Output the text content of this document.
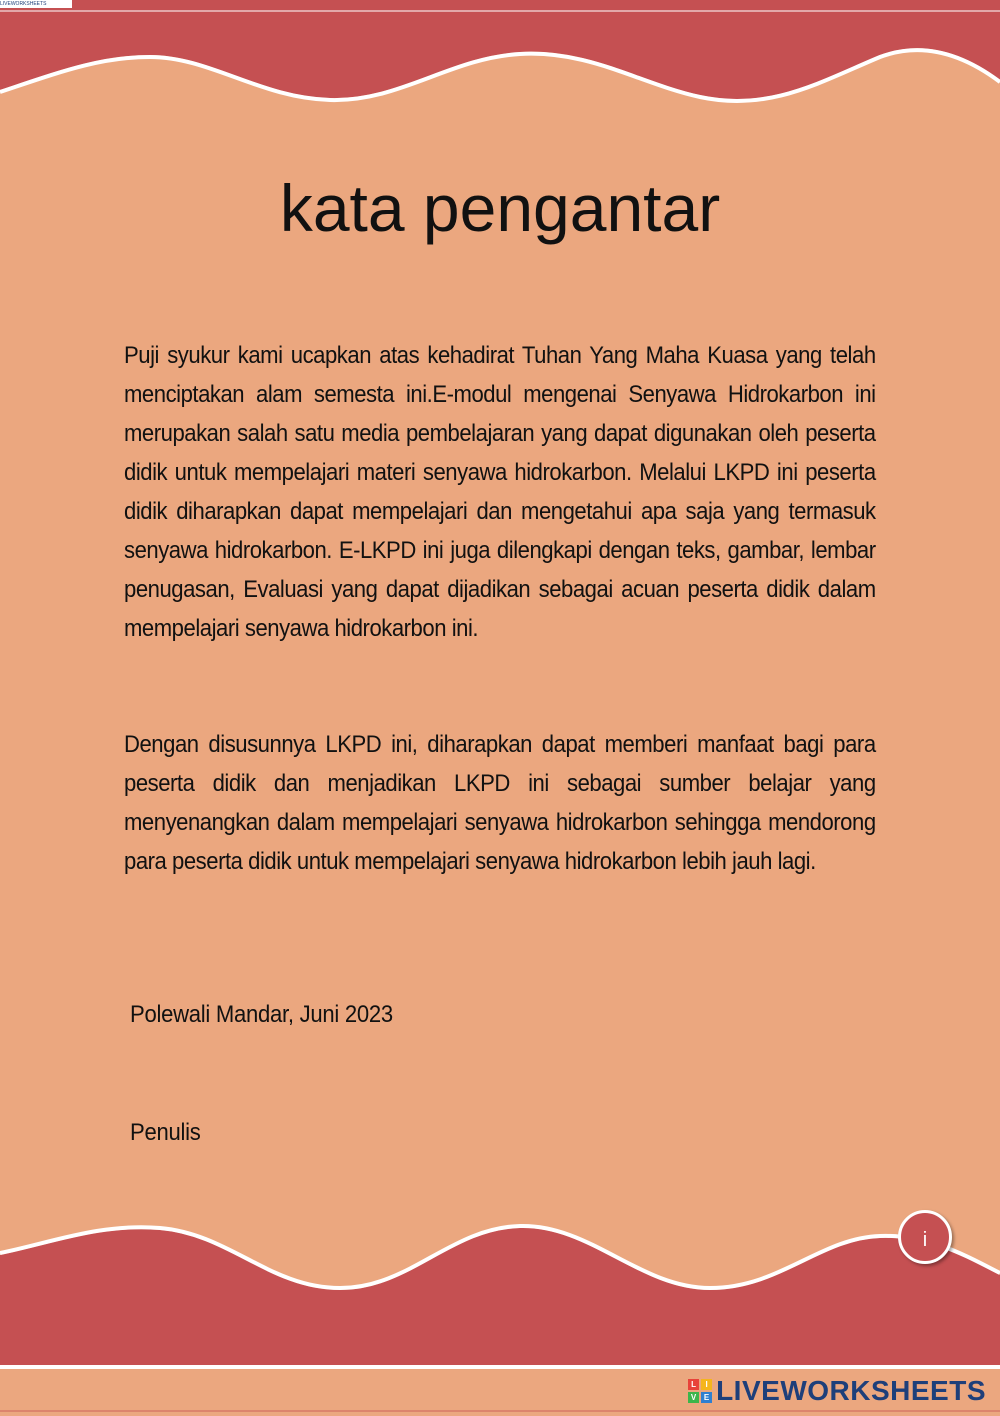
LIVEWORKSHEETS
kata pengantar

Puji syukur kami ucapkan atas kehadirat Tuhan Yang Maha Kuasa yang telah menciptakan alam semesta ini.E-modul mengenai Senyawa Hidrokarbon ini merupakan salah satu media pembelajaran yang dapat digunakan oleh peserta didik untuk mempelajari materi senyawa hidrokarbon. Melalui LKPD ini peserta didik diharapkan dapat mempelajari dan mengetahui apa saja yang termasuk senyawa hidrokarbon. E-LKPD ini juga dilengkapi dengan teks, gambar, lembar penugasan, Evaluasi yang dapat dijadikan sebagai acuan peserta didik dalam mempelajari senyawa hidrokarbon ini.

Dengan disusunnya LKPD ini, diharapkan dapat memberi manfaat bagi para peserta didik dan menjadikan LKPD ini sebagai sumber belajar yang menyenangkan dalam mempelajari senyawa hidrokarbon sehingga mendorong para peserta didik untuk mempelajari senyawa hidrokarbon lebih jauh lagi.

Polewali Mandar, Juni 2023
Penulis
i
L	I
V E LIVEWORKSHEETS
